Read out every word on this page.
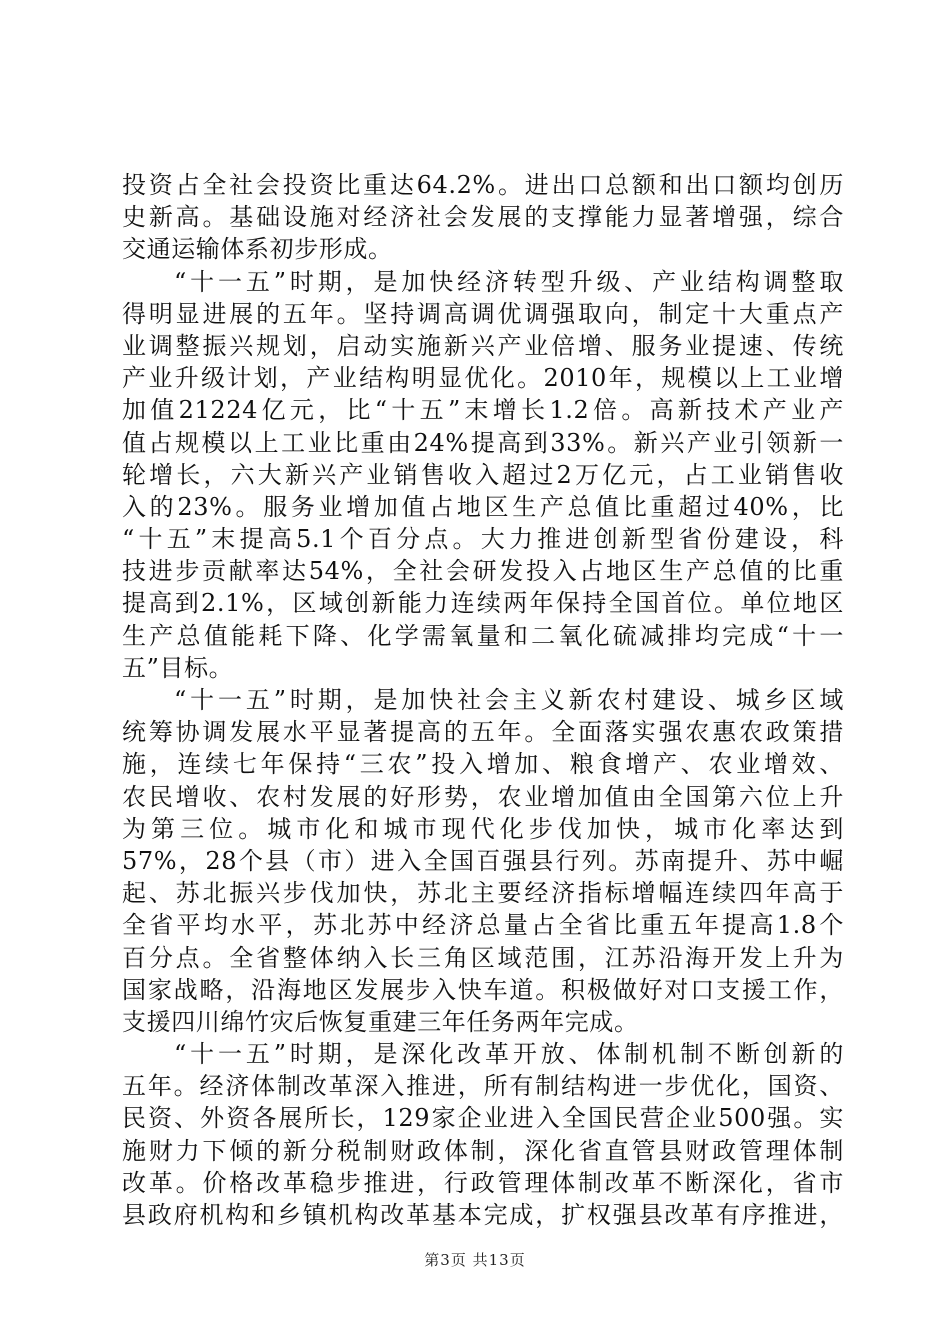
投资占全社会投资比重达64.2%。进出口总额和出口额均创历
史新高。基础设施对经济社会发展的支撑能力显著增强，综合
交通运输体系初步形成。
“十一五”时期，是加快经济转型升级、产业结构调整取
得明显进展的五年。坚持调高调优调强取向，制定十大重点产
业调整振兴规划，启动实施新兴产业倍增、服务业提速、传统
产业升级计划，产业结构明显优化。2010年，规模以上工业增
加值21224亿元，比“十五”末增长1.2倍。高新技术产业产
值占规模以上工业比重由24%提高到33%。新兴产业引领新一
轮增长，六大新兴产业销售收入超过2万亿元，占工业销售收
入的23%。服务业增加值占地区生产总值比重超过40%，比
“十五”末提高5.1个百分点。大力推进创新型省份建设，科
技进步贡献率达54%，全社会研发投入占地区生产总值的比重
提高到2.1%，区域创新能力连续两年保持全国首位。单位地区
生产总值能耗下降、化学需氧量和二氧化硫减排均完成“十一
五”目标。
“十一五”时期，是加快社会主义新农村建设、城乡区域
统筹协调发展水平显著提高的五年。全面落实强农惠农政策措
施，连续七年保持“三农”投入增加、粮食增产、农业增效、
农民增收、农村发展的好形势，农业增加值由全国第六位上升
为第三位。城市化和城市现代化步伐加快，城市化率达到
57%，28个县（市）进入全国百强县行列。苏南提升、苏中崛
起、苏北振兴步伐加快，苏北主要经济指标增幅连续四年高于
全省平均水平，苏北苏中经济总量占全省比重五年提高1.8个
百分点。全省整体纳入长三角区域范围，江苏沿海开发上升为
国家战略，沿海地区发展步入快车道。积极做好对口支援工作，
支援四川绵竹灾后恢复重建三年任务两年完成。
“十一五”时期，是深化改革开放、体制机制不断创新的
五年。经济体制改革深入推进，所有制结构进一步优化，国资、
民资、外资各展所长，129家企业进入全国民营企业500强。实
施财力下倾的新分税制财政体制，深化省直管县财政管理体制
改革。价格改革稳步推进，行政管理体制改革不断深化，省市
县政府机构和乡镇机构改革基本完成，扩权强县改革有序推进，
第3页 共13页
